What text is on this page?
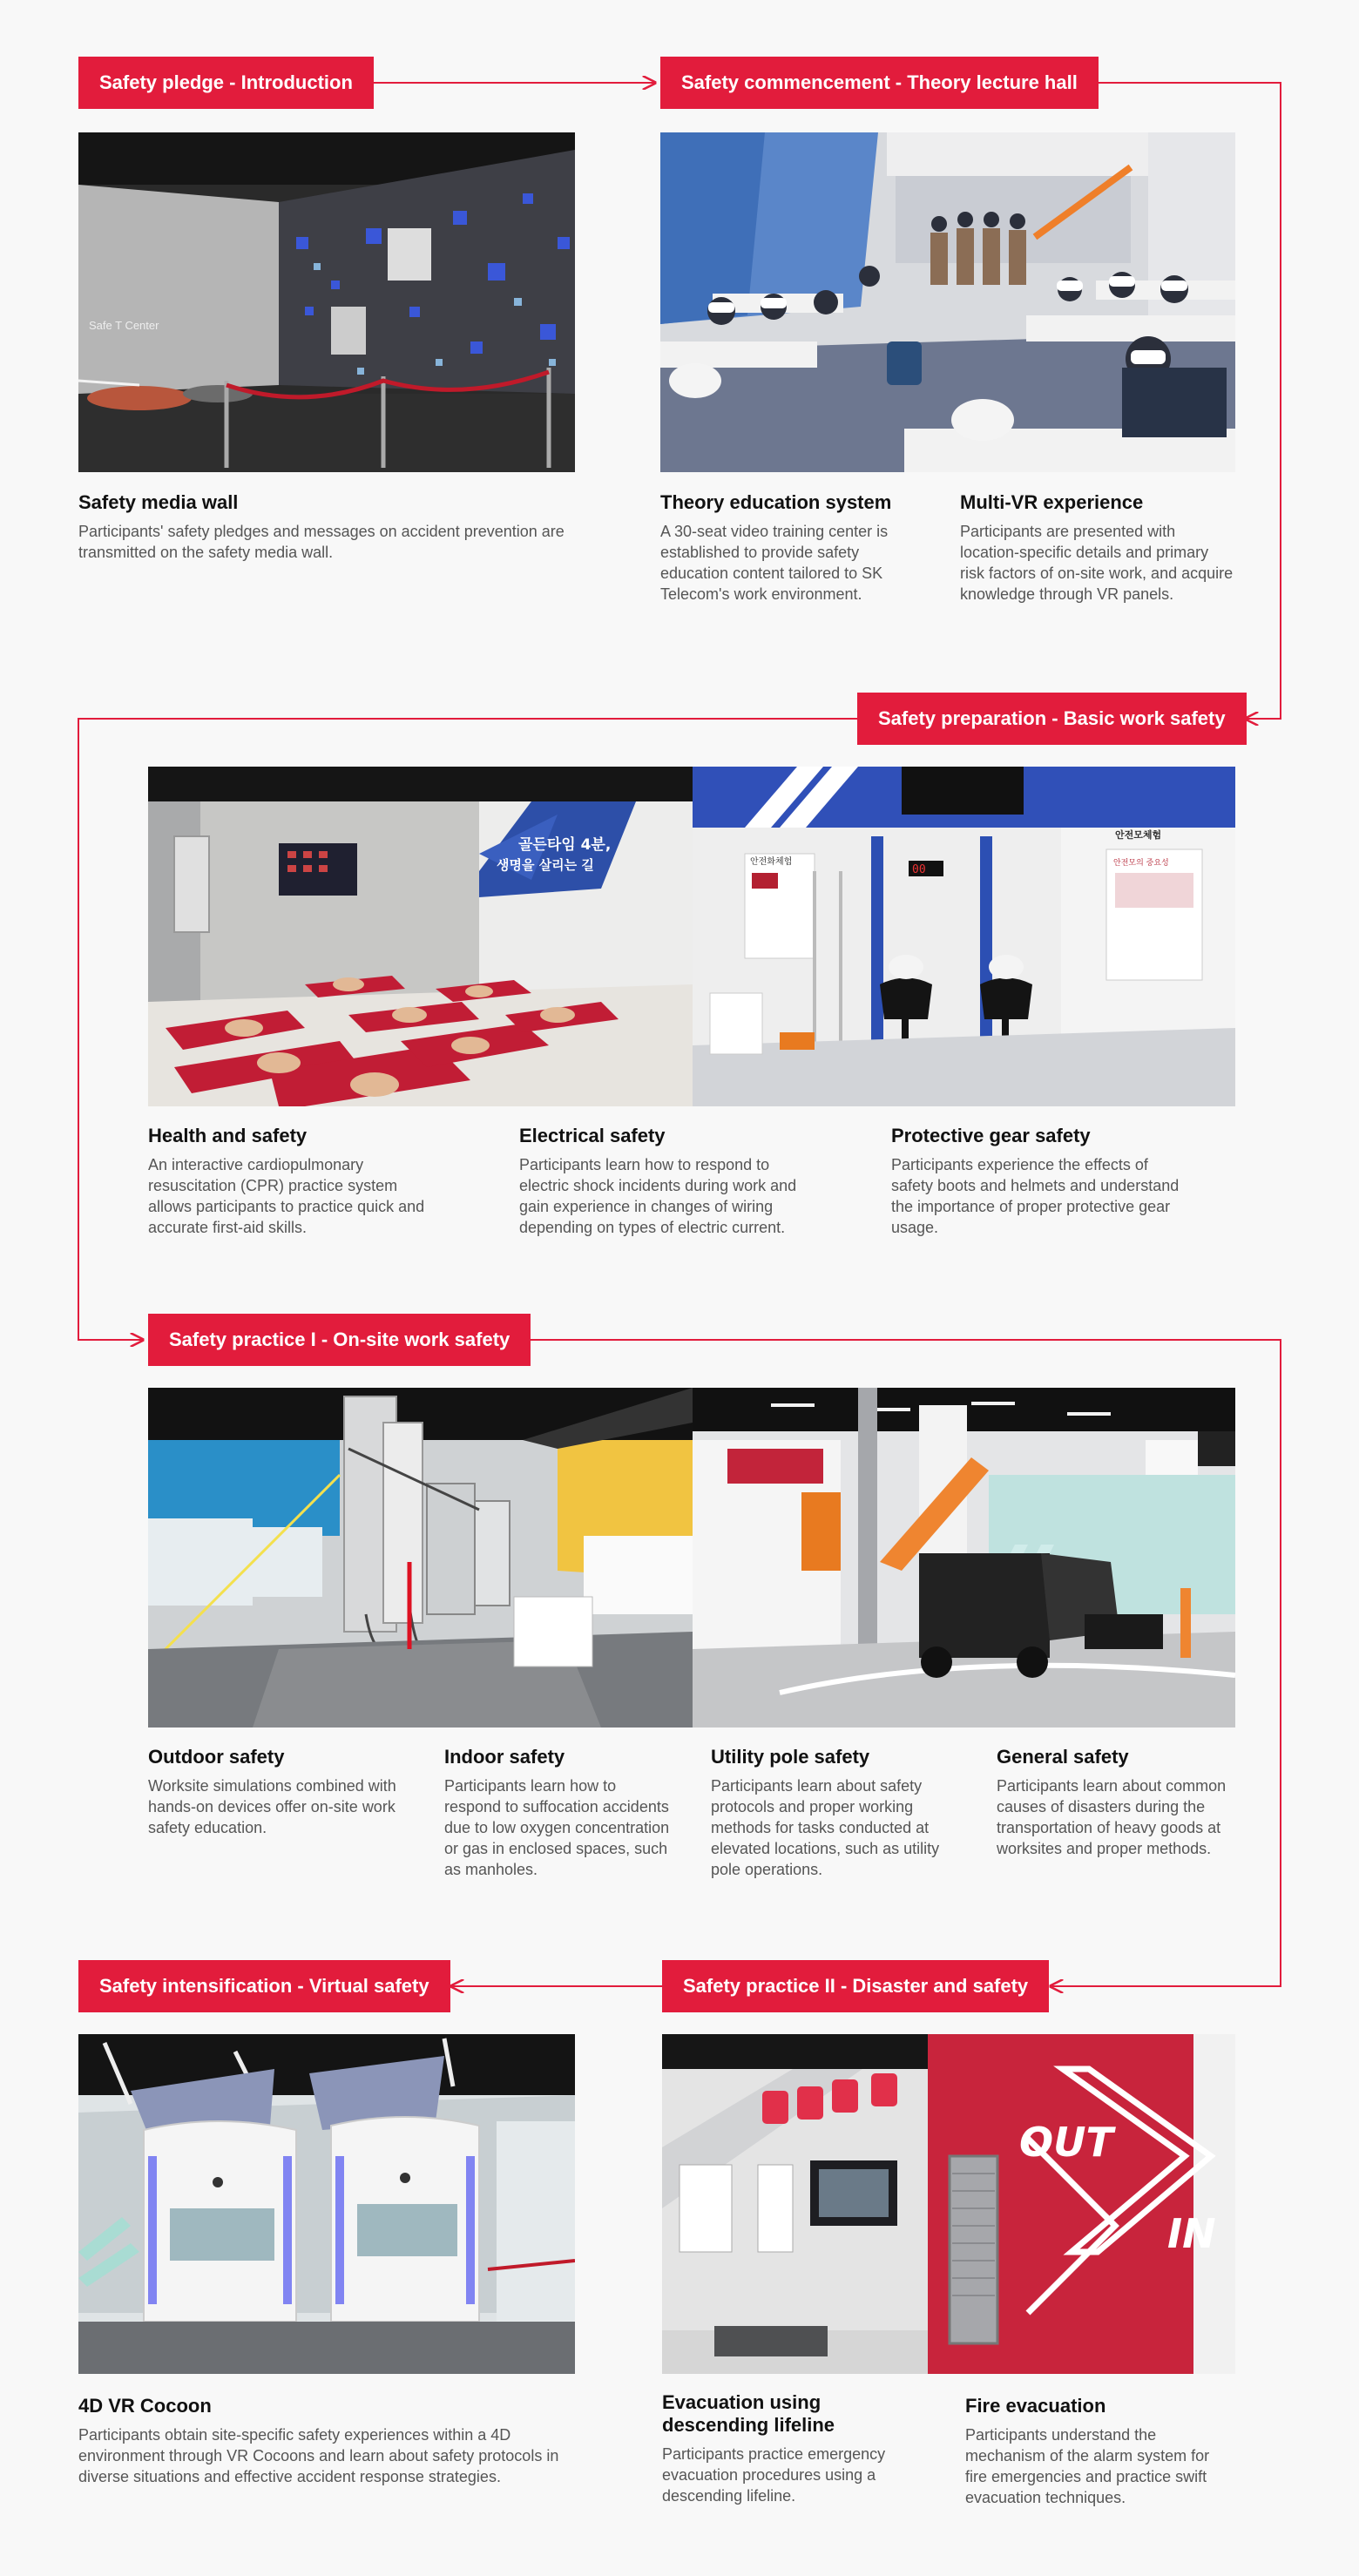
Safety pledge - Introduction	Safety commencement - Theory lecture hall
Safe T Center
Safety media wall

Participants' safety pledges and messages on accident prevention are transmitted on the safety media wall.

Theory education system

A 30-seat video training center is established to provide safety education content tailored to SK Telecom's work environment.

Multi-VR experience

Participants are presented with location-specific details and primary risk factors of on-site work, and acquire knowledge through VR panels.

Safety preparation - Basic work safety
골든타임 4분,
생명을 살리는 길	안전화체험
안전모체험
안전모의 중요성
00
Health and safety

An interactive cardiopulmonary resuscitation (CPR) practice system allows participants to practice quick and accurate first-aid skills.

Electrical safety

Participants learn how to respond to electric shock incidents during work and gain experience in changes of wiring depending on types of electric current.

Protective gear safety

Participants experience the effects of safety boots and helmets and understand the importance of proper protective gear usage.

Safety practice I - On-site work safety
Outdoor safety

Worksite simulations combined with hands-on devices offer on-site work safety education.

Indoor safety

Participants learn how to respond to suffocation accidents due to low oxygen concentration or gas in enclosed spaces, such as manholes.

Utility pole safety

Participants learn about safety protocols and proper working methods for tasks conducted at elevated locations, such as utility pole operations.

General safety

Participants learn about common causes of disasters during the transportation of heavy goods at worksites and proper methods.

Safety intensification - Virtual safety	Safety practice II - Disaster and safety
OUT
IN
4D VR Cocoon

Participants obtain site-specific safety experiences within a 4D environment through VR Cocoons and learn about safety protocols in diverse situations and effective accident response strategies.

Evacuation using descending lifeline

Participants practice emergency evacuation procedures using a descending lifeline.

Fire evacuation

Participants understand the mechanism of the alarm system for fire emergencies and practice swift evacuation techniques.
